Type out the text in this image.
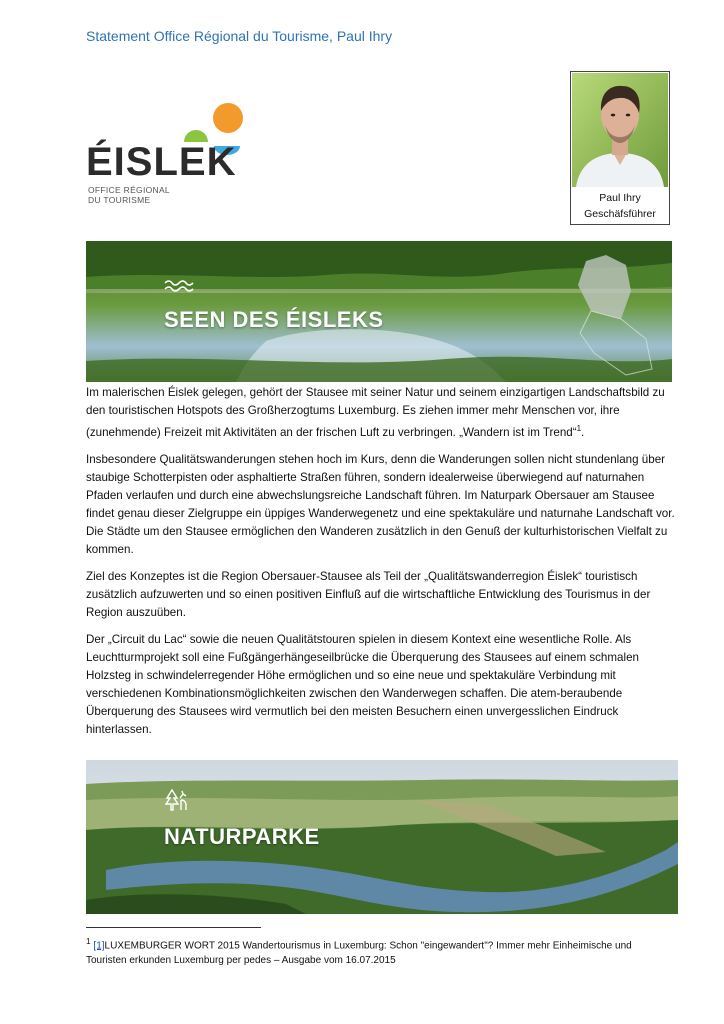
Statement Office Régional du Tourisme, Paul Ihry
ÉISLEK
OFFICE RÉGIONAL
DU TOURISME	Paul Ihry
Geschäfsführer
SEEN DES ÉISLEKS

Im malerischen Éislek gelegen, gehört der Stausee mit seiner Natur und seinem einzigartigen Landschaftsbild zu den touristischen Hotspots des Großherzogtums Luxemburg. Es ziehen immer mehr Menschen vor, ihre (zunehmende) Freizeit mit Aktivitäten an der frischen Luft zu verbringen. „Wandern ist im Trend“$^1$.

Insbesondere Qualitätswanderungen stehen hoch im Kurs, denn die Wanderungen sollen nicht stundenlang über staubige Schotterpisten oder asphaltierte Straßen führen, sondern idealerweise überwiegend auf naturnahen Pfaden verlaufen und durch eine abwechslungsreiche Landschaft führen. Im Naturpark Obersauer am Stausee findet genau dieser Zielgruppe ein üppiges Wanderwegenetz und eine spektakuläre und naturnahe Landschaft vor. Die Städte um den Stausee ermöglichen den Wanderen zusätzlich in den Genuß der kulturhistorischen Vielfalt zu kommen.

Ziel des Konzeptes ist die Region Obersauer-Stausee als Teil der „Qualitätswanderregion Éislek“ touristisch zusätzlich aufzuwerten und so einen positiven Einfluß auf die wirtschaftliche Entwicklung des Tourismus in der Region auszuüben.

Der „Circuit du Lac“ sowie die neuen Qualitätstouren spielen in diesem Kontext eine wesentliche Rolle. Als Leuchtturmprojekt soll eine Fußgängerhängeseilbrücke die Überquerung des Stausees auf einem schmalen Holzsteg in schwindelerregender Höhe ermöglichen und so eine neue und spektakuläre Verbindung mit verschiedenen Kombinationsmöglichkeiten zwischen den Wanderwegen schaffen. Die atem-beraubende Überquerung des Stausees wird vermutlich bei den meisten Besuchern einen unvergesslichen Eindruck hinterlassen.

NATURPARKE
$^1$ [1]LUXEMBURGER WORT 2015 Wandertourismus in Luxemburg: Schon "eingewandert"? Immer mehr Einheimische und Touristen erkunden Luxemburg per pedes – Ausgabe vom 16.07.2015
